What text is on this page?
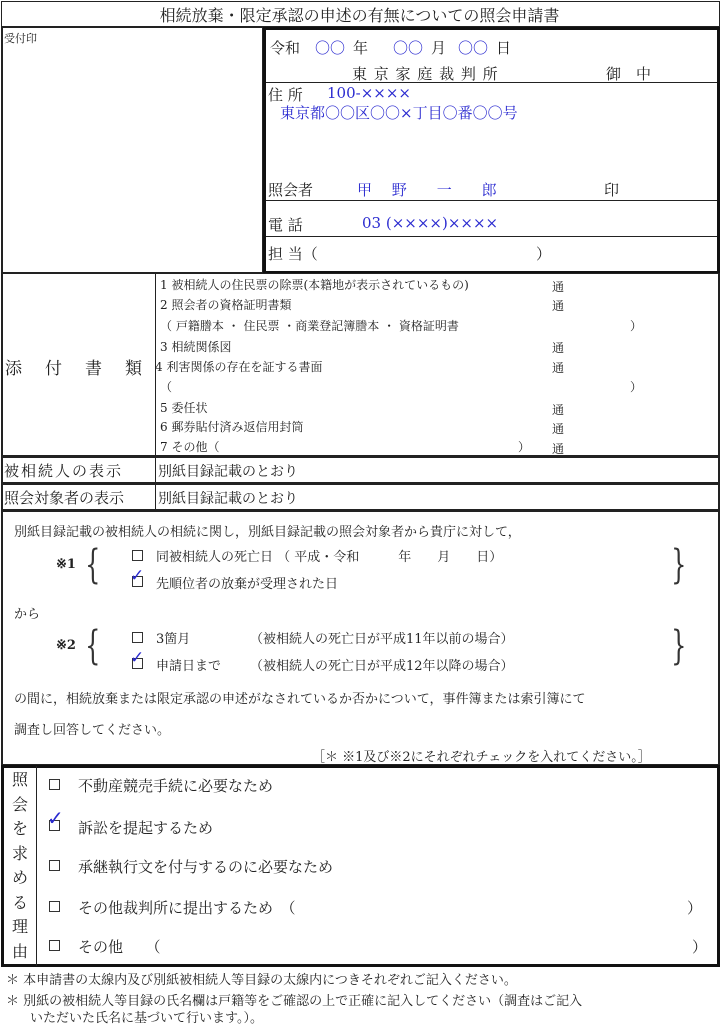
相続放棄・限定承認の申述の有無についての照会申請書
受付印
令和 〇〇 年 〇〇 月 〇〇 日
東 京 家 庭 裁 判 所	御　中
住 所 100-××××
東京都〇〇区〇〇×丁目〇番〇〇号
照会者	甲　 野　　一　　郎	印
電 話	03 (××××)××××
担 当（	）
添付書類
1 被相続人の住民票の除票(本籍地が表示されているもの)	通
2 照会者の資格証明書類	通
（ 戸籍謄本 ・ 住民票 ・商業登記簿謄本 ・ 資格証明書	）
3 相続関係図	通
4 利害関係の存在を証する書面	通
（	）
5 委任状	通
6 郵券貼付済み返信用封筒	通
7 その他（	） 通
被相続人の表示 別紙目録記載のとおり
照会対象者の表示 別紙目録記載のとおり
別紙目録記載の被相続人の相続に関し，別紙目録記載の照会対象者から貴庁に対して，
※1 {	同被相続人の死亡日 （ 平成・令和　　　年　　月　　日）
✓ 先順位者の放棄が受理された日	}
から
※2 {	3箇月	（被相続人の死亡日が平成11年以前の場合）
✓ 申請日まで （被相続人の死亡日が平成12年以降の場合）	}
の間に，相続放棄または限定承認の申述がなされているか否かについて，事件簿または索引簿にて
調査し回答してください。
［＊ ※1及び※2にそれぞれチェックを入れてください。］
照
会
を
求
め
る
理
由
不動産競売手続に必要なため
✓ 訴訟を提起するため
承継執行文を付与するのに必要なため
その他裁判所に提出するため　（	）
その他　　（	）
＊ 本申請書の太線内及び別紙被相続人等目録の太線内につきそれぞれご記入ください。
＊ 別紙の被相続人等目録の氏名欄は戸籍等をご確認の上で正確に記入してください（調査はご記入
いただいた氏名に基づいて行います。）。
